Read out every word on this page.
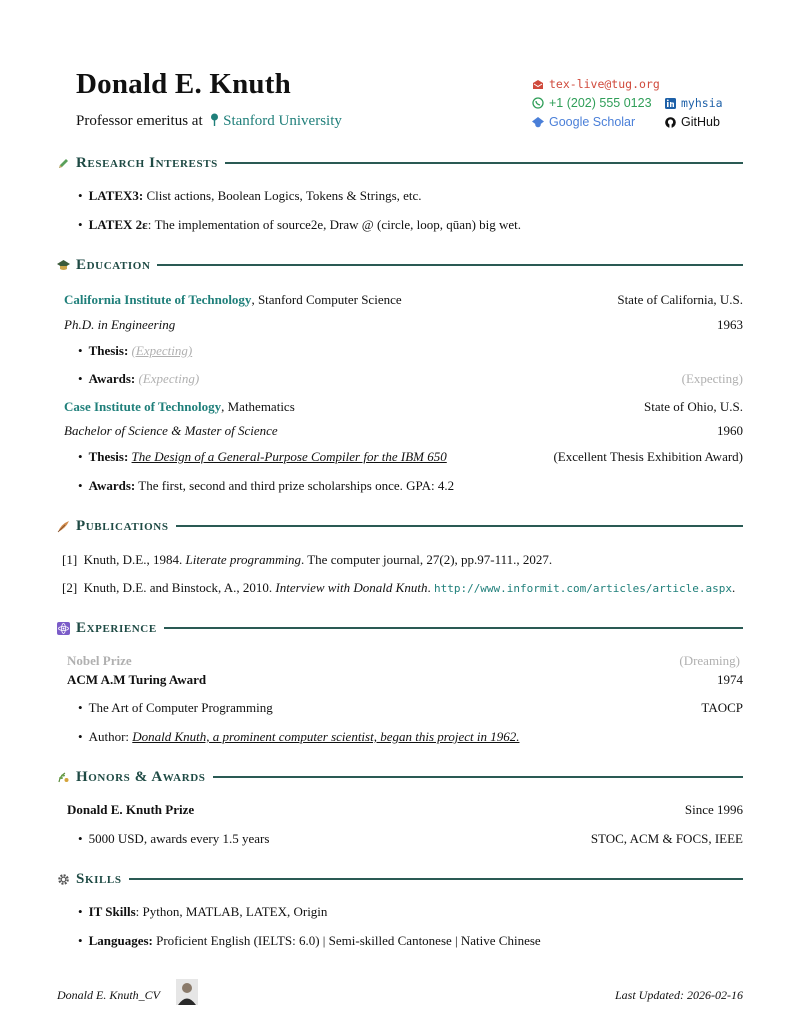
Donald E. Knuth
Professor emeritus at Stanford University
tex-live@tug.org
+1 (202) 555 0123	myhsia
Google Scholar	GitHub
Research Interests
• LATEX3: Clist actions, Boolean Logics, Tokens & Strings, etc.
• LATEX 2ε: The implementation of source2e, Draw @ (circle, loop, qūan) big wet.
Education
California Institute of Technology, Stanford Computer Science	State of California, U.S.
Ph.D. in Engineering	1963
• Thesis: (Expecting)
• Awards: (Expecting)	(Expecting)
Case Institute of Technology, Mathematics	State of Ohio, U.S.
Bachelor of Science & Master of Science	1960
• Thesis: The Design of a General-Purpose Compiler for the IBM 650	(Excellent Thesis Exhibition Award)
• Awards: The first, second and third prize scholarships once. GPA: 4.2
Publications
[1] Knuth, D.E., 1984. Literate programming. The computer journal, 27(2), pp.97-111., 2027.
[2] Knuth, D.E. and Binstock, A., 2010. Interview with Donald Knuth. http://www.informit.com/articles/article.aspx.
Experience
Nobel Prize	(Dreaming)
ACM A.M Turing Award	1974
• The Art of Computer Programming	TAOCP
• Author: Donald Knuth, a prominent computer scientist, began this project in 1962.
Honors & Awards
Donald E. Knuth Prize	Since 1996
• 5000 USD, awards every 1.5 years	STOC, ACM & FOCS, IEEE
Skills
• IT Skills: Python, MATLAB, LATEX, Origin
• Languages: Proficient English (IELTS: 6.0) | Semi-skilled Cantonese | Native Chinese
Donald E. Knuth_CV	Last Updated: 2026-02-16
